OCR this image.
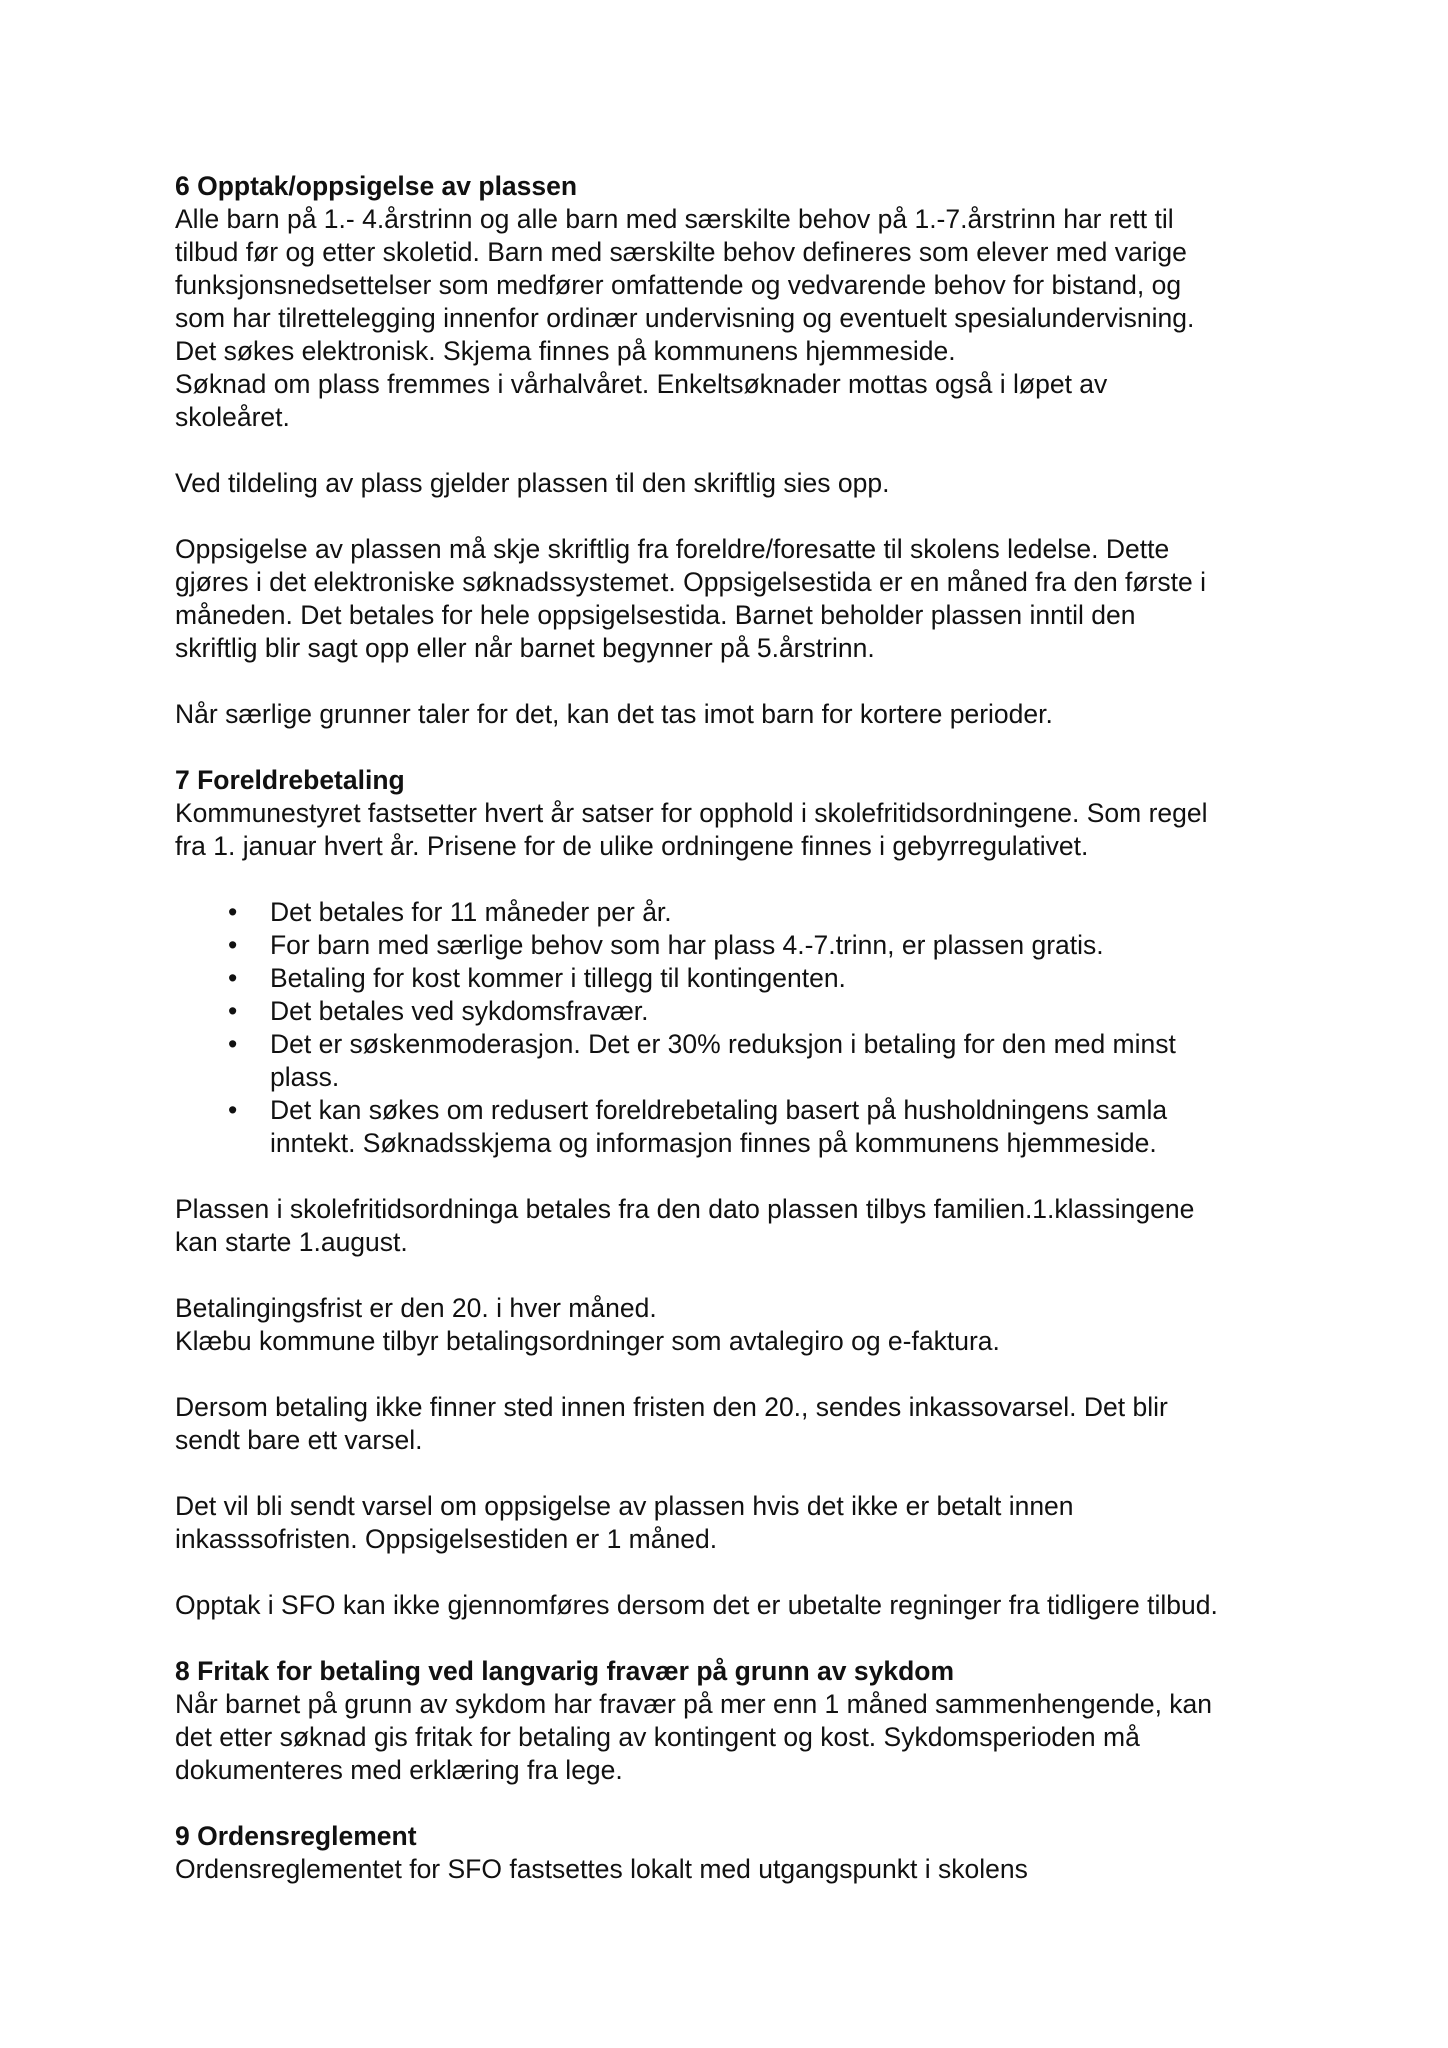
6 Opptak/oppsigelse av plassen
Alle barn på 1.- 4.årstrinn og alle barn med særskilte behov på 1.-7.årstrinn har rett til
tilbud før og etter skoletid. Barn med særskilte behov defineres som elever med varige
funksjonsnedsettelser som medfører omfattende og vedvarende behov for bistand, og
som har tilrettelegging innenfor ordinær undervisning og eventuelt spesialundervisning.
Det søkes elektronisk. Skjema finnes på kommunens hjemmeside.
Søknad om plass fremmes i vårhalvåret. Enkeltsøknader mottas også i løpet av
skoleåret.
Ved tildeling av plass gjelder plassen til den skriftlig sies opp.
Oppsigelse av plassen må skje skriftlig fra foreldre/foresatte til skolens ledelse. Dette
gjøres i det elektroniske søknadssystemet. Oppsigelsestida er en måned fra den første i
måneden. Det betales for hele oppsigelsestida. Barnet beholder plassen inntil den
skriftlig blir sagt opp eller når barnet begynner på 5.årstrinn.
Når særlige grunner taler for det, kan det tas imot barn for kortere perioder.
7 Foreldrebetaling
Kommunestyret fastsetter hvert år satser for opphold i skolefritidsordningene. Som regel
fra 1. januar hvert år. Prisene for de ulike ordningene finnes i gebyrregulativet.
• Det betales for 11 måneder per år.
• For barn med særlige behov som har plass 4.-7.trinn, er plassen gratis.
• Betaling for kost kommer i tillegg til kontingenten.
• Det betales ved sykdomsfravær.
• Det er søskenmoderasjon. Det er 30% reduksjon i betaling for den med minst
plass.
• Det kan søkes om redusert foreldrebetaling basert på husholdningens samla
inntekt. Søknadsskjema og informasjon finnes på kommunens hjemmeside.
Plassen i skolefritidsordninga betales fra den dato plassen tilbys familien.1.klassingene
kan starte 1.august.
Betalingingsfrist er den 20. i hver måned.
Klæbu kommune tilbyr betalingsordninger som avtalegiro og e-faktura.
Dersom betaling ikke finner sted innen fristen den 20., sendes inkassovarsel. Det blir
sendt bare ett varsel.
Det vil bli sendt varsel om oppsigelse av plassen hvis det ikke er betalt innen
inkasssofristen. Oppsigelsestiden er 1 måned.
Opptak i SFO kan ikke gjennomføres dersom det er ubetalte regninger fra tidligere tilbud.
8 Fritak for betaling ved langvarig fravær på grunn av sykdom
Når barnet på grunn av sykdom har fravær på mer enn 1 måned sammenhengende, kan
det etter søknad gis fritak for betaling av kontingent og kost. Sykdomsperioden må
dokumenteres med erklæring fra lege.
9 Ordensreglement
Ordensreglementet for SFO fastsettes lokalt med utgangspunkt i skolens
